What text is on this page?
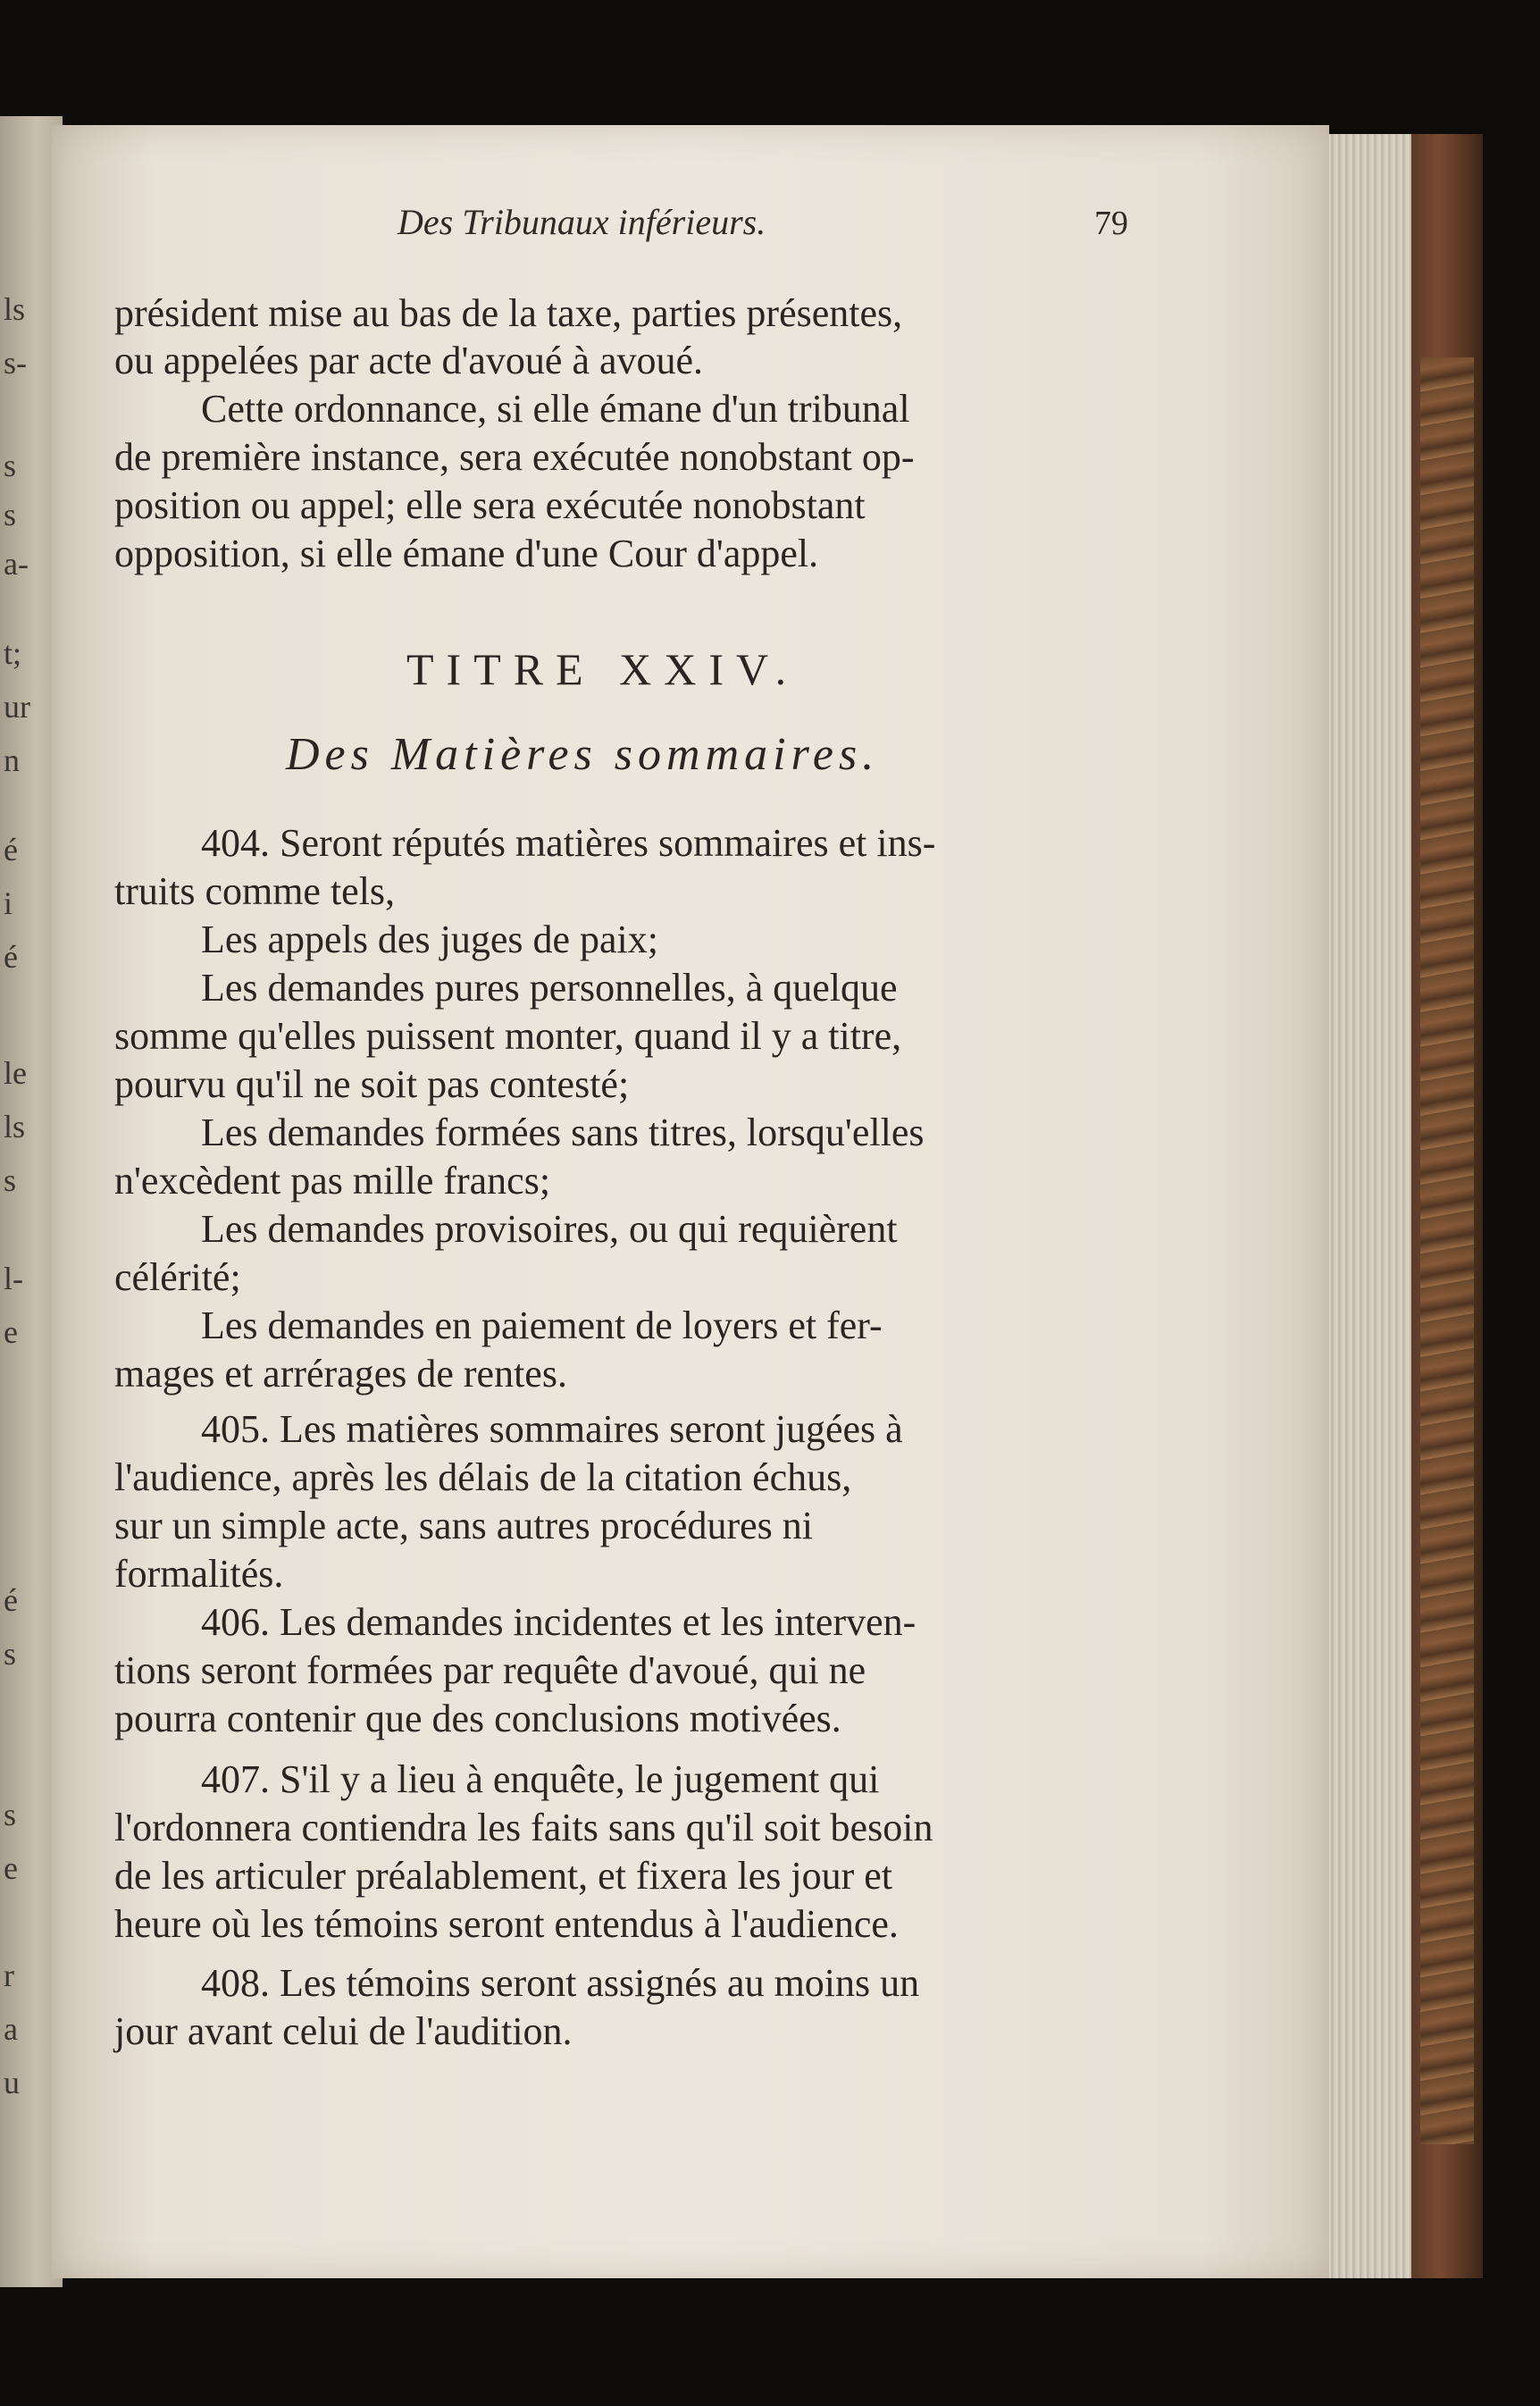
ls
s-
s
s
a-
t;
ur
n
é
i
é
le
ls
s
l-
e
é
s
s
e
r
a
u
Des Tribunaux inférieurs.	79
président mise au bas de la taxe, parties présentes,
ou appelées par acte d'avoué à avoué.
Cette ordonnance, si elle émane d'un tribunal
de première instance, sera exécutée nonobstant op-
position ou appel; elle sera exécutée nonobstant
opposition, si elle émane d'une Cour d'appel.
TITRE XXIV.
Des Matières sommaires.
404. Seront réputés matières sommaires et ins-
truits comme tels,
Les appels des juges de paix;
Les demandes pures personnelles, à quelque
somme qu'elles puissent monter, quand il y a titre,
pourvu qu'il ne soit pas contesté;
Les demandes formées sans titres, lorsqu'elles
n'excèdent pas mille francs;
Les demandes provisoires, ou qui requièrent
célérité;
Les demandes en paiement de loyers et fer-
mages et arrérages de rentes.
405. Les matières sommaires seront jugées à
l'audience, après les délais de la citation échus,
sur un simple acte, sans autres procédures ni
formalités.
406. Les demandes incidentes et les interven-
tions seront formées par requête d'avoué, qui ne
pourra contenir que des conclusions motivées.
407. S'il y a lieu à enquête, le jugement qui
l'ordonnera contiendra les faits sans qu'il soit besoin
de les articuler préalablement, et fixera les jour et
heure où les témoins seront entendus à l'audience.
408. Les témoins seront assignés au moins un
jour avant celui de l'audition.
